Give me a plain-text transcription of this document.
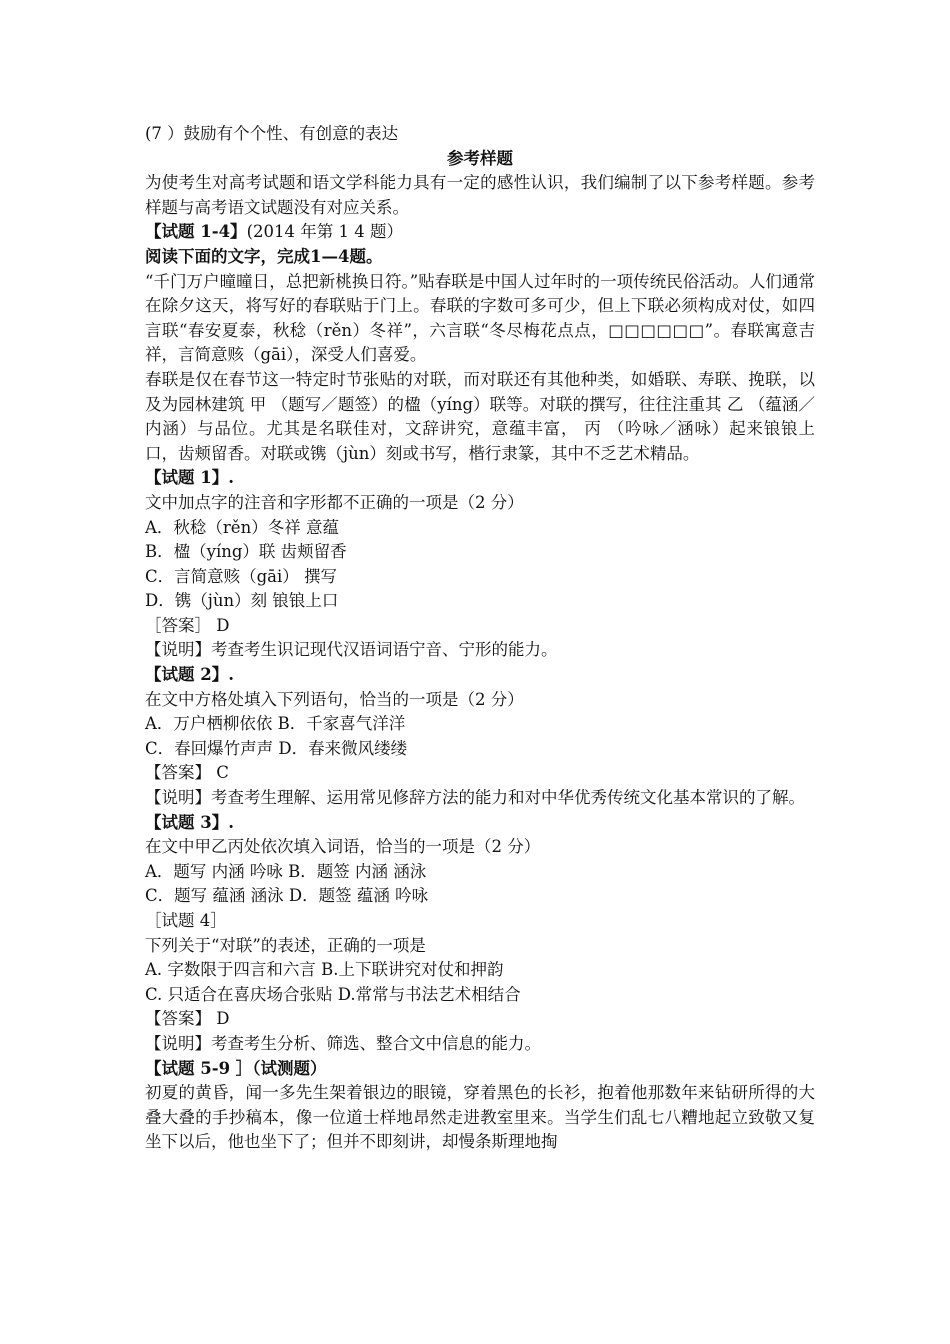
(7 ）鼓励有个个性、有创意的表达
参考样题
为使考生对高考试题和语文学科能力具有一定的感性认识，我们编制了以下参考样题。参考样题与高考语文试题没有对应关系。
【试题 1-4】(2014 年第 1 4 题）
阅读下面的文字，完成1—4题。
“千门万户曈曈日，总把新桃换日符。”贴春联是中国人过年时的一项传统民俗活动。人们通常在除夕这天，将写好的春联贴于门上。春联的字数可多可少，但上下联必须构成对仗，如四言联“春安夏泰，秋稔（rěn）冬祥”，六言联“冬尽梅花点点，□□□□□□”。春联寓意吉祥，言简意赅（gāi），深受人们喜爱。
春联是仅在春节这一特定时节张贴的对联，而对联还有其他种类，如婚联、寿联、挽联，以及为园林建筑 甲 （题写／题签）的楹（yíng）联等。对联的撰写，往往注重其 乙 （蕴涵／内涵）与品位。尤其是名联佳对，文辞讲究，意蕴丰富， 丙 （吟咏／涵咏）起来锒锒上口，齿颊留香。对联或镌（jùn）刻或书写，楷行隶篆，其中不乏艺术精品。
【试题 1】.
文中加点字的注音和字形都不正确的一项是（2 分）
A．秋稔（rěn）冬祥 意蕴
B．楹（yíng）联 齿颊留香
C．言简意赅（gāi） 撰写
D．镌（jùn）刻 锒锒上口
［答案］ D
【说明】考查考生识记现代汉语词语宁音、宁形的能力。
【试题 2】.
在文中方格处填入下列语句，恰当的一项是（2 分）
A．万户栖柳依依 B．千家喜气洋洋
C．春回爆竹声声 D．春来微风缕缕
【答案】 C
【说明】考查考生理解、运用常见修辞方法的能力和对中华优秀传统文化基本常识的了解。
【试题 3】.
在文中甲乙丙处依次填入词语，恰当的一项是（2 分）
A．题写 内涵 吟咏 B．题签 内涵 涵泳
C．题写 蕴涵 涵泳 D．题签 蕴涵 吟咏
［试题 4］
下列关于“对联”的表述，正确的一项是
A. 字数限于四言和六言 B.上下联讲究对仗和押韵
C. 只适合在喜庆场合张贴 D.常常与书法艺术相结合
【答案】 D
【说明】考查考生分析、筛选、整合文中信息的能力。
【试题 5-9 ］（试测题）
初夏的黄昏，闻一多先生架着银边的眼镜，穿着黑色的长衫，抱着他那数年来钻研所得的大叠大叠的手抄稿本，像一位道士样地昂然走进教室里来。当学生们乱七八糟地起立致敬又复坐下以后，他也坐下了；但并不即刻讲，却慢条斯理地掏
